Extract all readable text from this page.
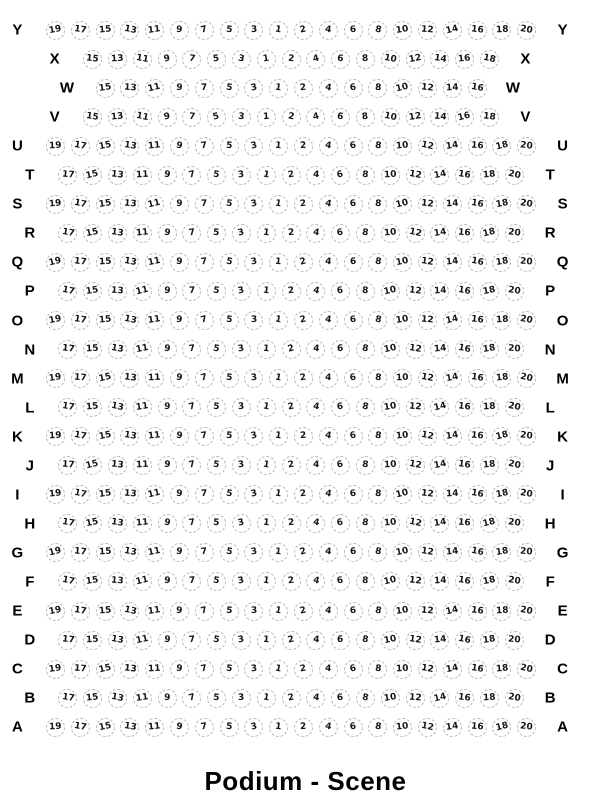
Y	Y
19 17 15 13 11 9 7 5 3 1 2 4 6 8 10 12 14 16 18 20
X	X
15 13 11 9 7 5 3 1 2 4 6 8 10 12 14 16 18
W	W
15 13 11 9 7 5 3 1 2 4 6 8 10 12 14 16
V	V
15 13 11 9 7 5 3 1 2 4 6 8 10 12 14 16 18
U	U
19 17 15 13 11 9 7 5 3 1 2 4 6 8 10 12 14 16 18 20
T	T
17 15 13 11 9 7 5 3 1 2 4 6 8 10 12 14 16 18 20
S	S
19 17 15 13 11 9 7 5 3 1 2 4 6 8 10 12 14 16 18 20
R	R
17 15 13 11 9 7 5 3 1 2 4 6 8 10 12 14 16 18 20
Q	Q
19 17 15 13 11 9 7 5 3 1 2 4 6 8 10 12 14 16 18 20
P	P
17 15 13 11 9 7 5 3 1 2 4 6 8 10 12 14 16 18 20
O	O
19 17 15 13 11 9 7 5 3 1 2 4 6 8 10 12 14 16 18 20
N	N
17 15 13 11 9 7 5 3 1 2 4 6 8 10 12 14 16 18 20
M	M
19 17 15 13 11 9 7 5 3 1 2 4 6 8 10 12 14 16 18 20
L	L
17 15 13 11 9 7 5 3 1 2 4 6 8 10 12 14 16 18 20
K	K
19 17 15 13 11 9 7 5 3 1 2 4 6 8 10 12 14 16 18 20
J	J
17 15 13 11 9 7 5 3 1 2 4 6 8 10 12 14 16 18 20
I	I
19 17 15 13 11 9 7 5 3 1 2 4 6 8 10 12 14 16 18 20
H	H
17 15 13 11 9 7 5 3 1 2 4 6 8 10 12 14 16 18 20
G	G
19 17 15 13 11 9 7 5 3 1 2 4 6 8 10 12 14 16 18 20
F	F
17 15 13 11 9 7 5 3 1 2 4 6 8 10 12 14 16 18 20
E	E
19 17 15 13 11 9 7 5 3 1 2 4 6 8 10 12 14 16 18 20
D	D
17 15 13 11 9 7 5 3 1 2 4 6 8 10 12 14 16 18 20
C	C
19 17 15 13 11 9 7 5 3 1 2 4 6 8 10 12 14 16 18 20
B	B
17 15 13 11 9 7 5 3 1 2 4 6 8 10 12 14 16 18 20
A	A
19 17 15 13 11 9 7 5 3 1 2 4 6 8 10 12 14 16 18 20
Podium - Scene
